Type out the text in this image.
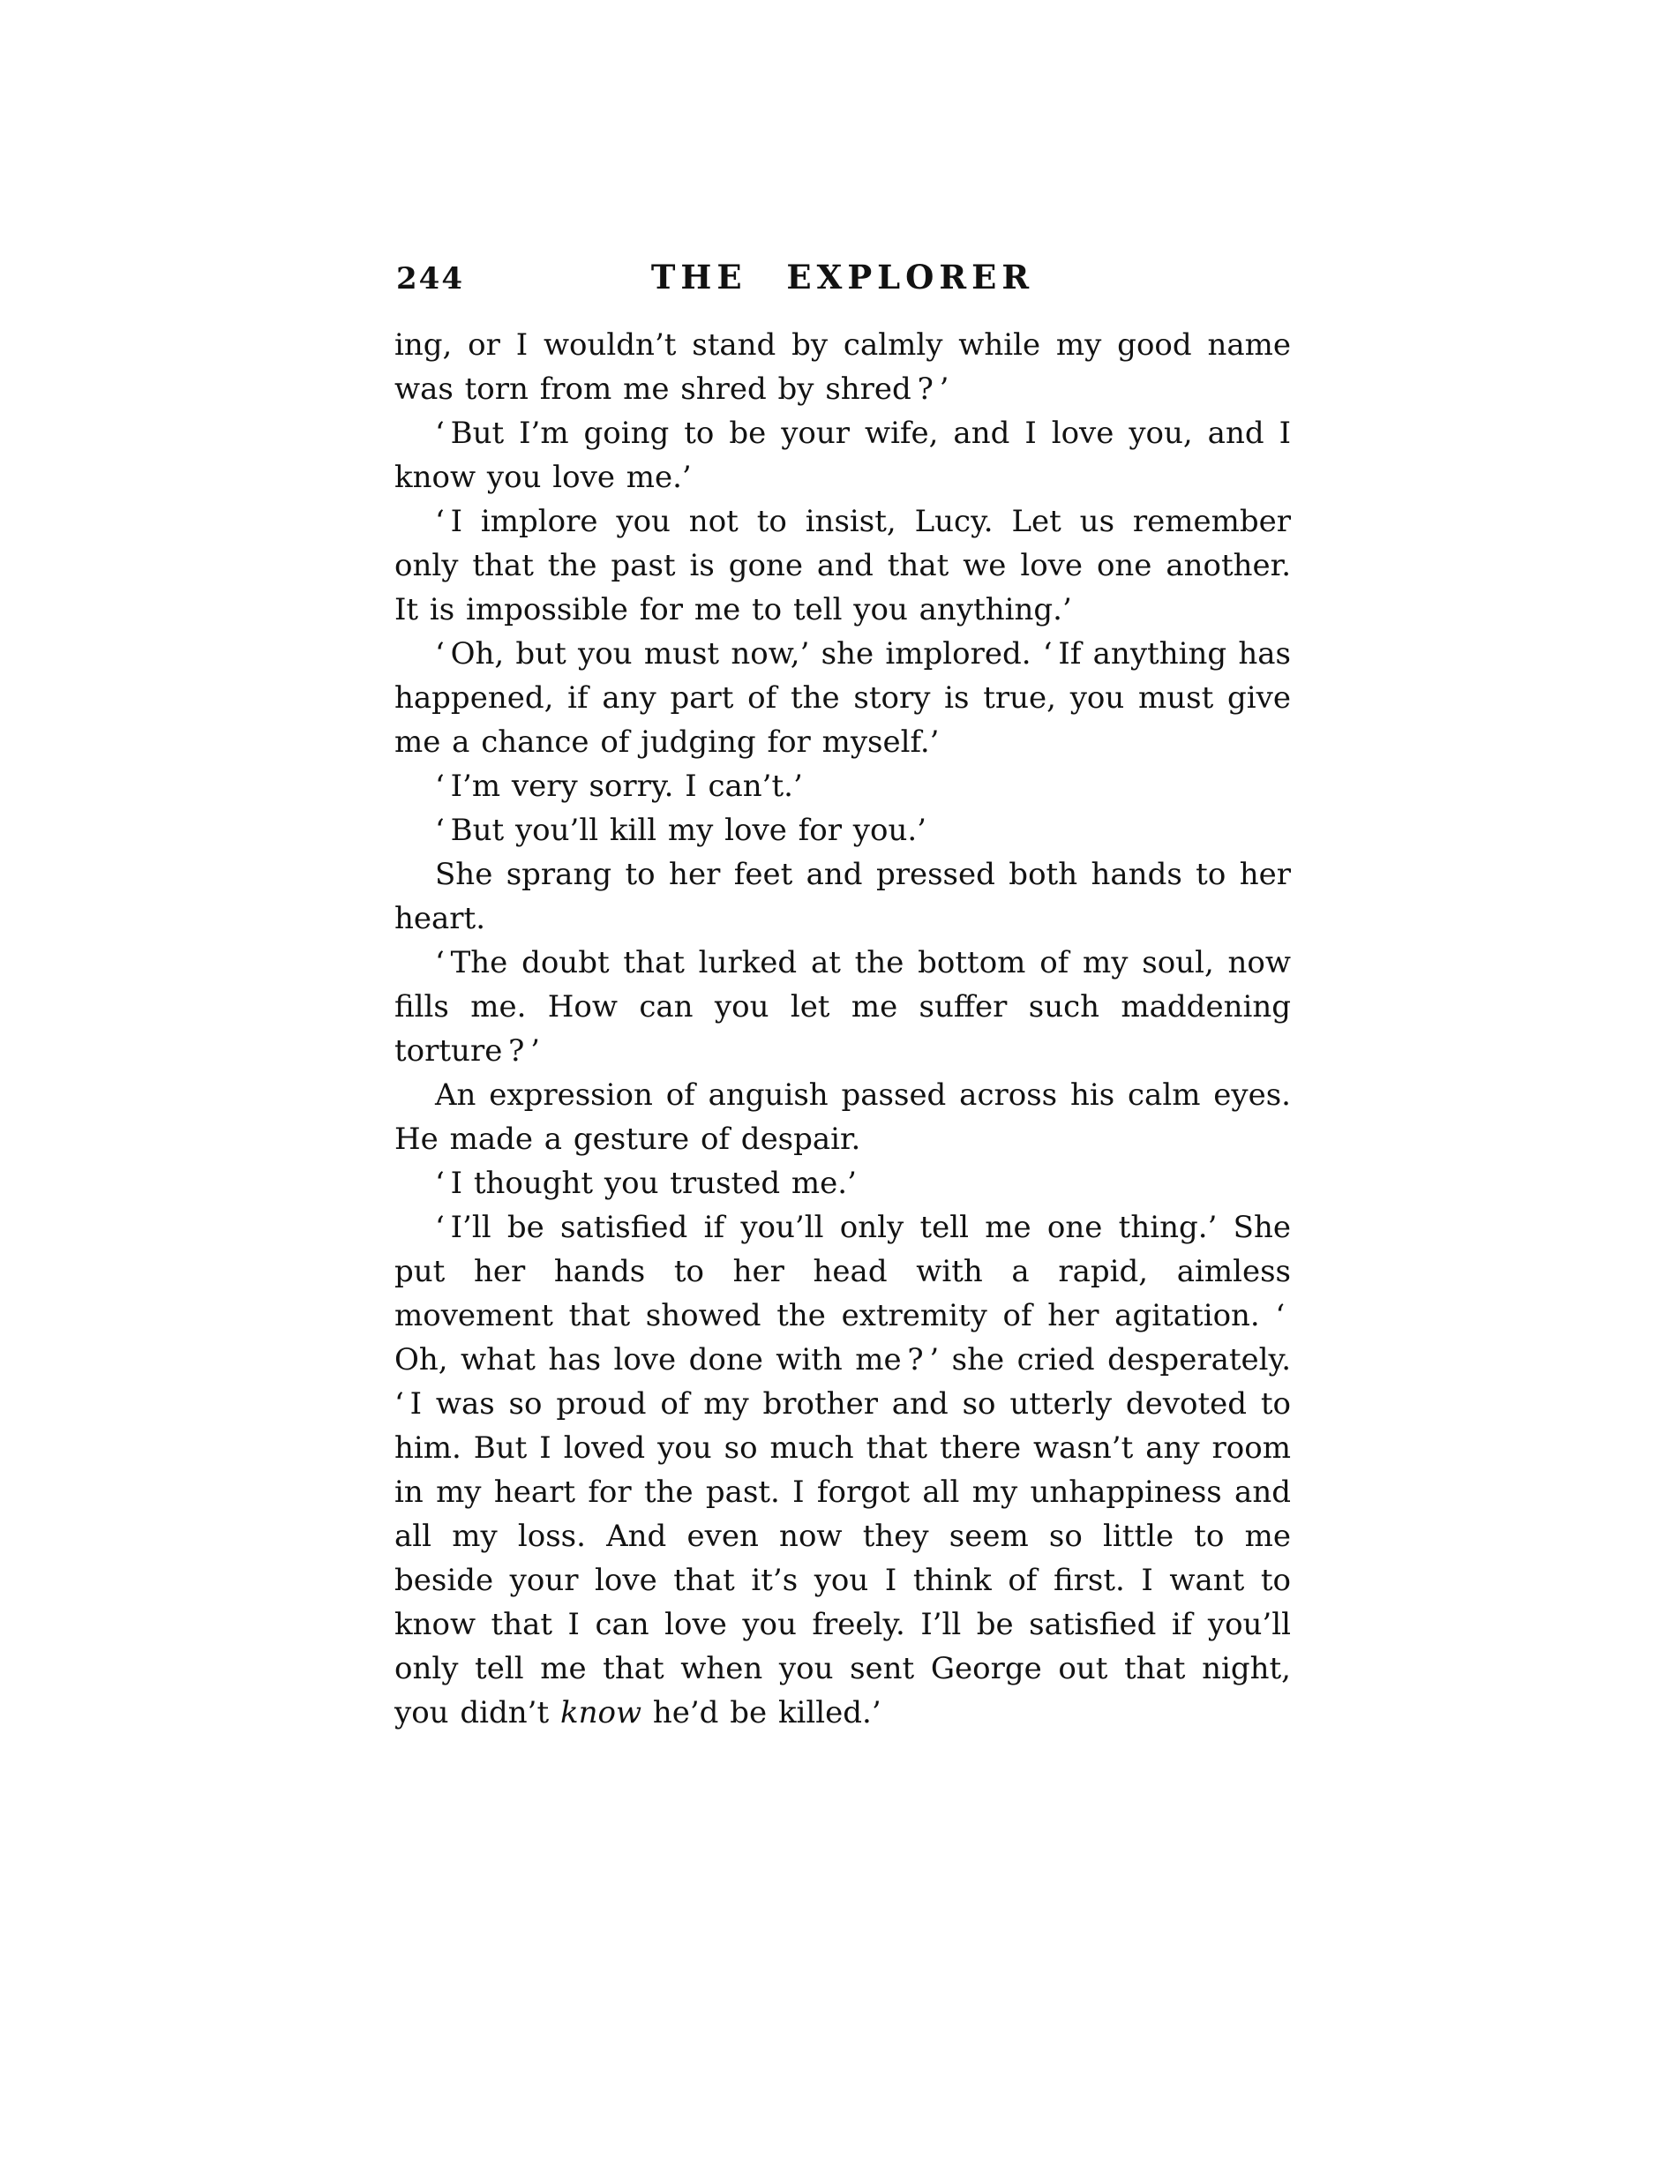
244	THE EXPLORER

ing, or I wouldn’t stand by calmly while my good name was torn from me shred by shred ? ’

‘ But I’m going to be your wife, and I love you, and I know you love me.’

‘ I implore you not to insist, Lucy. Let us remember only that the past is gone and that we love one another. It is impossible for me to tell you anything.’

‘ Oh, but you must now,’ she implored. ‘ If anything has happened, if any part of the story is true, you must give me a chance of judging for myself.’

‘ I’m very sorry. I can’t.’

‘ But you’ll kill my love for you.’

She sprang to her feet and pressed both hands to her heart.

‘ The doubt that lurked at the bottom of my soul, now fills me. How can you let me suffer such maddening torture ? ’

An expression of anguish passed across his calm eyes. He made a gesture of despair.

‘ I thought you trusted me.’

‘ I’ll be satisfied if you’ll only tell me one thing.’ She put her hands to her head with a rapid, aimless movement that showed the extremity of her agitation. ‘ Oh, what has love done with me ? ’ she cried desperately. ‘ I was so proud of my brother and so utterly devoted to him. But I loved you so much that there wasn’t any room in my heart for the past. I forgot all my unhappiness and all my loss. And even now they seem so little to me beside your love that it’s you I think of first. I want to know that I can love you freely. I’ll be satisfied if you’ll only tell me that when you sent George out that night, you didn’t know he’d be killed.’
